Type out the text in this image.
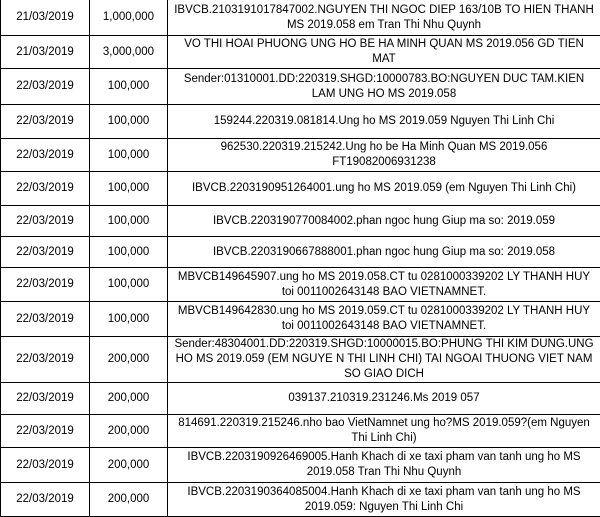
21/03/2019	1,000,000	IBVCB.2103191017847002.NGUYEN THI NGOC DIEP 163/10B TO HIEN THANH MS 2019.058 em Tran Thi Nhu Quynh
21/03/2019	3,000,000	VO THI HOAI PHUONG UNG HO BE HA MINH QUAN MS 2019.056 GD TIEN MAT
22/03/2019	100,000	Sender:01310001.DD:220319.SHGD:10000783.BO:NGUYEN DUC TAM.KIEN LAM UNG HO MS 2019.058
22/03/2019	100,000	159244.220319.081814.Ung ho MS 2019.059 Nguyen Thi Linh Chi
22/03/2019	100,000	962530.220319.215242.Ung ho be Ha Minh Quan MS 2019.056 FT19082006931238
22/03/2019	100,000	IBVCB.2203190951264001.ung ho MS 2019.059 (em Nguyen Thi Linh Chi)
22/03/2019	100,000	IBVCB.2203190770084002.phan ngoc hung Giup ma so: 2019.059
22/03/2019	100,000	IBVCB.2203190667888001.phan ngoc hung Giup ma so: 2019.058
22/03/2019	100,000	MBVCB149645907.ung ho MS 2019.058.CT tu 0281000339202 LY THANH HUY toi 0011002643148 BAO VIETNAMNET.
22/03/2019	100,000	MBVCB149642830.ung ho MS 2019.059.CT tu 0281000339202 LY THANH HUY toi 0011002643148 BAO VIETNAMNET.
22/03/2019	200,000	Sender:48304001.DD:220319.SHGD:10000015.BO:PHUNG THI KIM DUNG.UNG HO MS 2019.059 (EM NGUYE N THI LINH CHI) TAI NGOAI THUONG VIET NAM SO GIAO DICH
22/03/2019	200,000	039137.210319.231246.Ms 2019 057
22/03/2019	200,000	814691.220319.215246.nho bao VietNamnet ung ho?MS 2019.059?(em Nguyen Thi Linh Chi)
22/03/2019	200,000	IBVCB.2203190926469005.Hanh Khach di xe taxi pham van tanh ung ho MS 2019.058 Tran Thi Nhu Quynh
22/03/2019	200,000	IBVCB.2203190364085004.Hanh Khach di xe taxi pham van tanh ung ho MS 2019.059: Nguyen Thi Linh Chi
